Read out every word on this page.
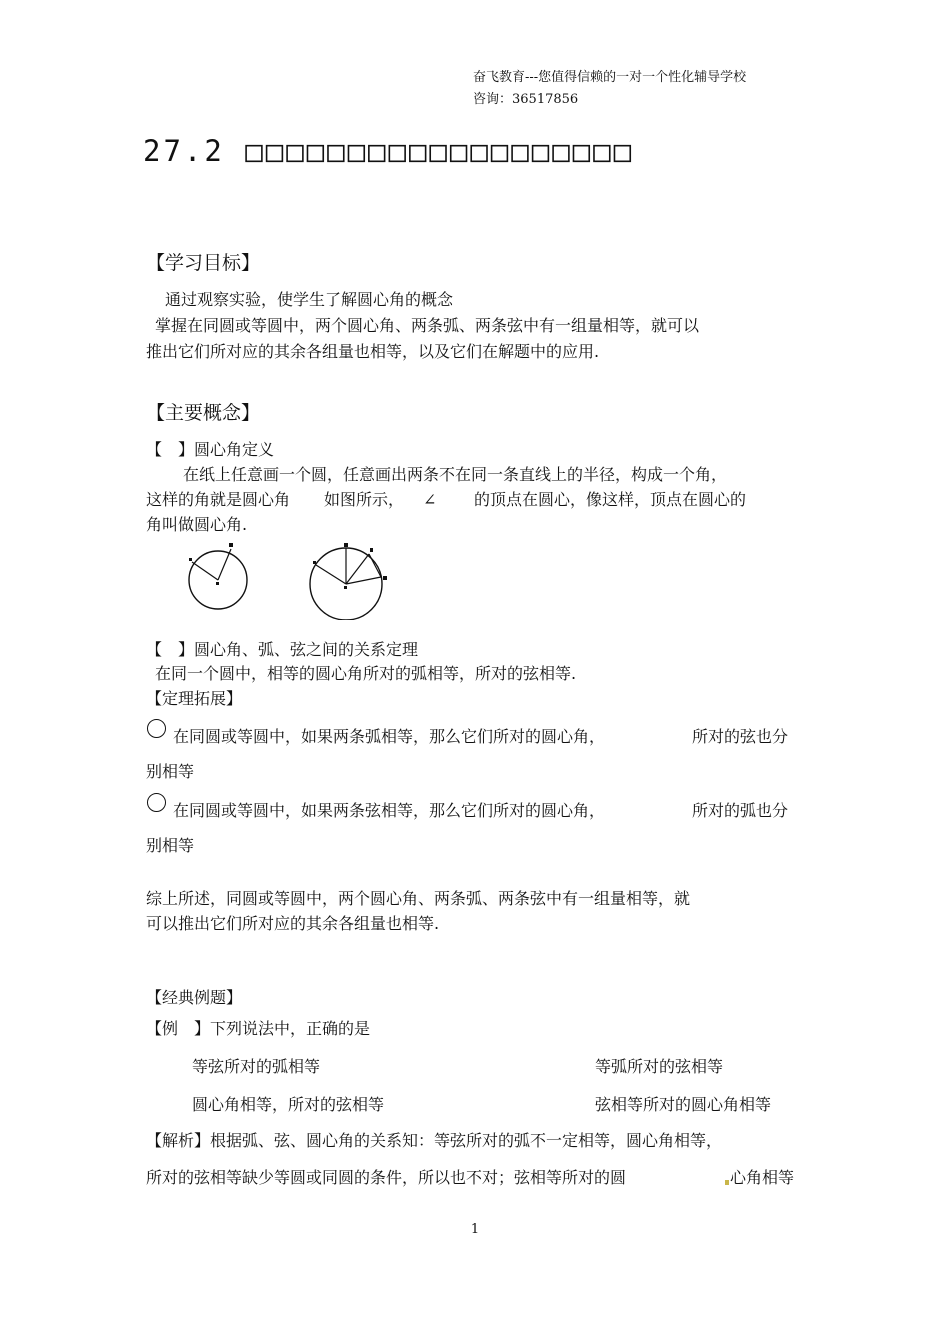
奋飞教育---您值得信赖的一对一个性化辅导学校
咨询：36517856
27.2 □□□□□□□□□□□□□□□□□□□
【学习目标】
通过观察实验，使学生了解圆心角的概念
掌握在同圆或等圆中，两个圆心角、两条弧、两条弦中有一组量相等，就可以
推出它们所对应的其余各组量也相等，以及它们在解题中的应用.
【主要概念】
【　】圆心角定义
在纸上任意画一个圆，任意画出两条不在同一条直线上的半径，构成一个角，
这样的角就是圆心角 如图所示， ∠ 的顶点在圆心，像这样，顶点在圆心的
角叫做圆心角.
【　】圆心角、弧、弦之间的关系定理
在同一个圆中，相等的圆心角所对的弧相等，所对的弦相等.
【定理拓展】
在同圆或等圆中，如果两条弧相等，那么它们所对的圆心角，	所对的弦也分
别相等
在同圆或等圆中，如果两条弦相等，那么它们所对的圆心角，	所对的弧也分
别相等
综上所述，同圆或等圆中，两个圆心角、两条弧、两条弦中有一组量相等，就
可以推出它们所对应的其余各组量也相等.
【经典例题】
【例　】下列说法中，正确的是
等弦所对的弧相等	等弧所对的弦相等
圆心角相等，所对的弦相等	弦相等所对的圆心角相等
【解析】根据弧、弦、圆心角的关系知：等弦所对的弧不一定相等，圆心角相等，
所对的弦相等缺少等圆或同圆的条件，所以也不对；弦相等所对的圆	心角相等
1
